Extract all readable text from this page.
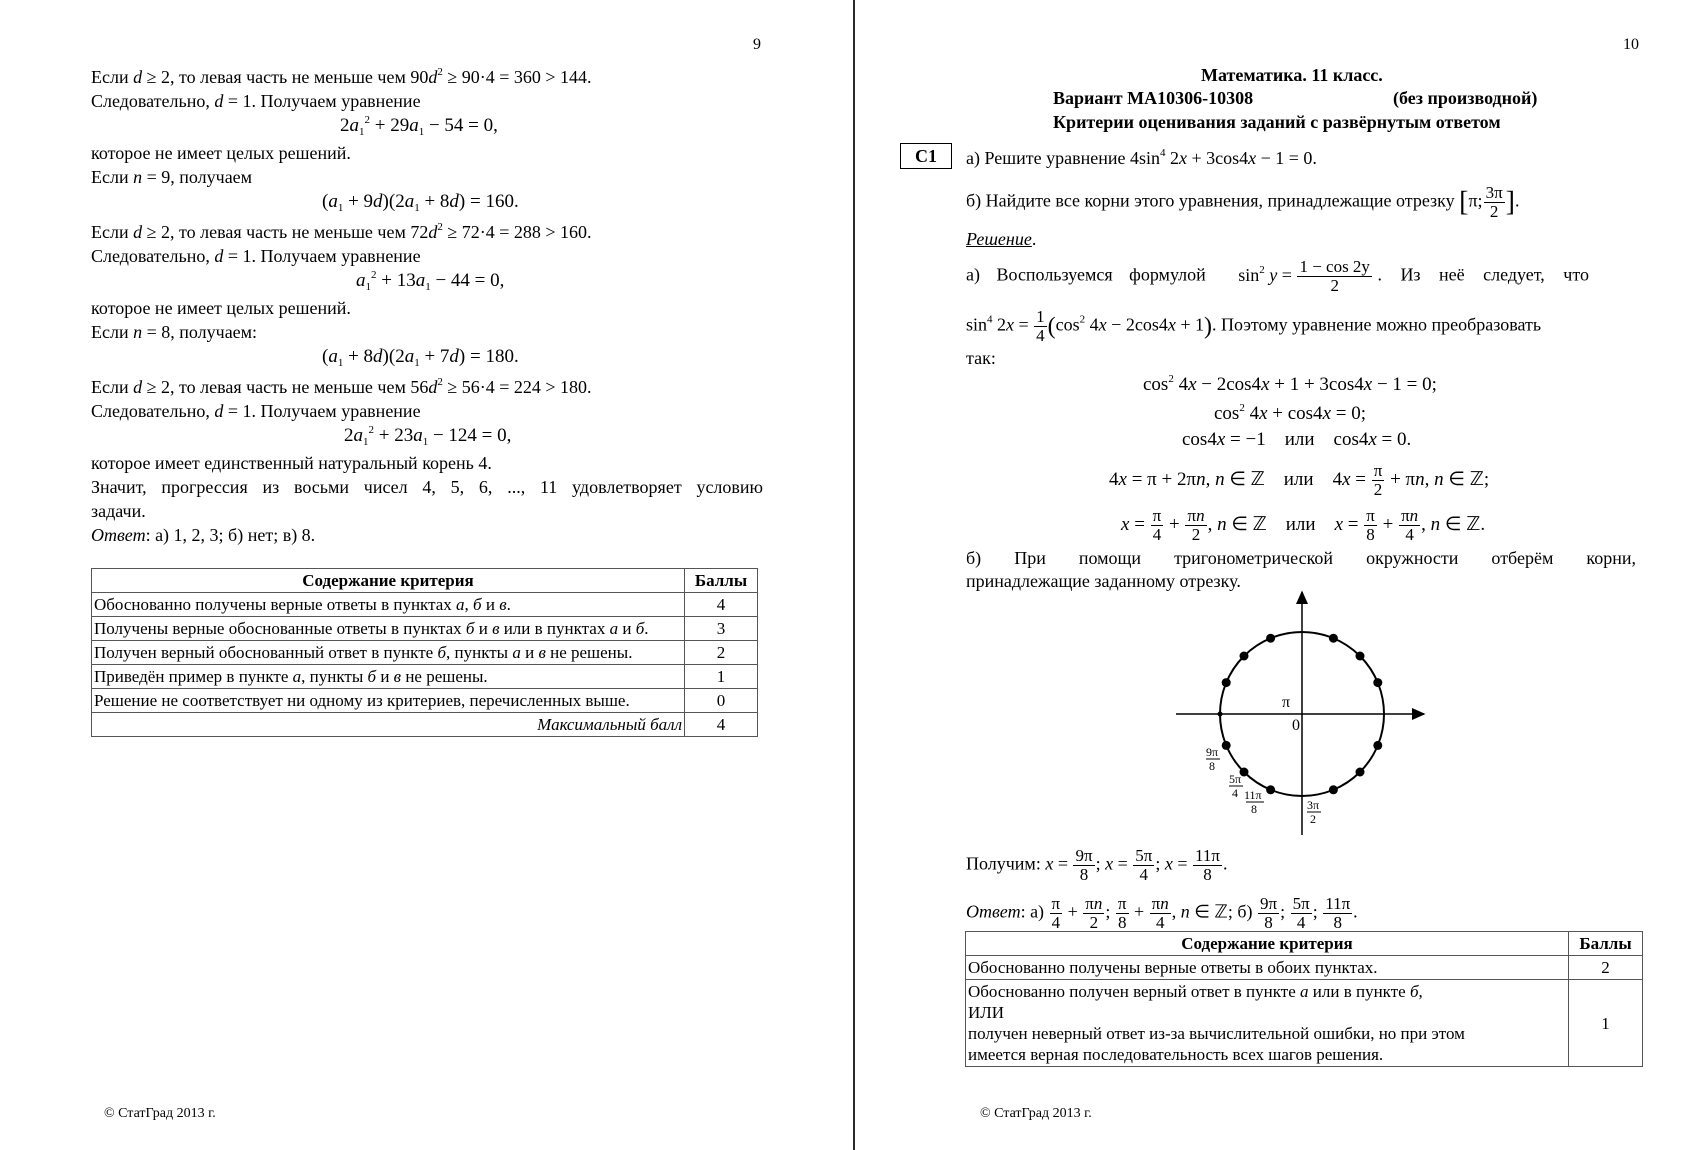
9
Если d ≥ 2, то левая часть не меньше чем $90d^2 \ge 90\cdot 4 = 360 > 144$.
Следовательно, d = 1. Получаем уравнение
$2a_1^2 + 29a_1 - 54 = 0$,
которое не имеет целых решений.
Если n = 9, получаем
$(a_1 + 9d)(2a_1 + 8d) = 160$.
Если d ≥ 2, то левая часть не меньше чем $72d^2 \ge 72\cdot 4 = 288 > 160$.
Следовательно, d = 1. Получаем уравнение
$a_1^2 + 13a_1 - 44 = 0$,
которое не имеет целых решений.
Если n = 8, получаем:
$(a_1 + 8d)(2a_1 + 7d) = 180$.
Если d ≥ 2, то левая часть не меньше чем $56d^2 \ge 56\cdot 4 = 224 > 180$.
Следовательно, d = 1. Получаем уравнение
$2a_1^2 + 23a_1 - 124 = 0$,
которое имеет единственный натуральный корень 4.
Значит, прогрессия из восьми чисел 4, 5, 6, ..., 11 удовлетворяет условию
задачи.
Ответ: а) 1, 2, 3; б) нет; в) 8.
Содержание критерия	Баллы
Обоснованно получены верные ответы в пунктах а, б и в.	4
Получены верные обоснованные ответы в пунктах б и в или в пунктах а и б.	3
Получен верный обоснованный ответ в пункте б, пункты а и в не решены.	2
Приведён пример в пункте а, пункты б и в не решены.	1
Решение не соответствует ни одному из критериев, перечисленных выше.	0
Максимальный балл	4
© СтатГрад 2013 г.
10
Математика. 11 класс.
Вариант МА10306-10308	(без производной)
Критерии оценивания заданий с развёрнутым ответом
С1	а) Решите уравнение $4\sin^4$ 2x + 3cos4x − 1 = 0.
б) Найдите все корни этого уравнения, принадлежащие отрезку [π; $\frac{3\pi}{2}$ ].
Решение.
а) Воспользуемся формулой $\sin^2 y = \frac{1 - \cos 2y}{2}$ . Из неё следует, что
$\sin^4 2x = \frac{1}{4} (\cos^2$ 4x − 2cos4x + 1). Поэтому уравнение можно преобразовать
так:
$\cos^2 4x - 2\cos 4x + 1 + 3\cos 4x - 1 = 0$;
$\cos^2 4x + \cos 4x = 0$;
cos4x = −1    или    cos4x = 0.
4x = π + 2πn, n ∈ ℤ    или    $4x = \frac{\pi}{2} + \pi n$, n ∈ ℤ;
$x = \frac{\pi}{4} + \frac{\pi n}{2}$ , n ∈ ℤ    или $x = \frac{\pi}{8} + \frac{\pi n}{4}$ , n ∈ ℤ.
б) При помощи тригонометрической окружности отберём корни,
принадлежащие заданному отрезку.
π
0
9π
8
5π
4 11π
8	3π
2
Получим: $x = \frac{9\pi}{8}$ ; $x = \frac{5\pi}{4}$ ; $x = \frac{11\pi}{8}$ .
Ответ: $а) \frac{\pi}{4} + \frac{\pi n}{2}$ ; $\frac{\pi}{8} + \frac{\pi n}{4}$ , n ∈ ℤ; $б) \frac{9\pi}{8}$ ; $\frac{5\pi}{4}$ ; $\frac{11\pi}{8}$ .
Содержание критерия	Баллы
Обоснованно получены верные ответы в обоих пунктах.	2

Обоснованно получен верный ответ в пункте а или в пункте б,
ИЛИ
получен неверный ответ из-за вычислительной ошибки, но при этом
имеется верная последовательность всех шагов решения.	1
© СтатГрад 2013 г.
